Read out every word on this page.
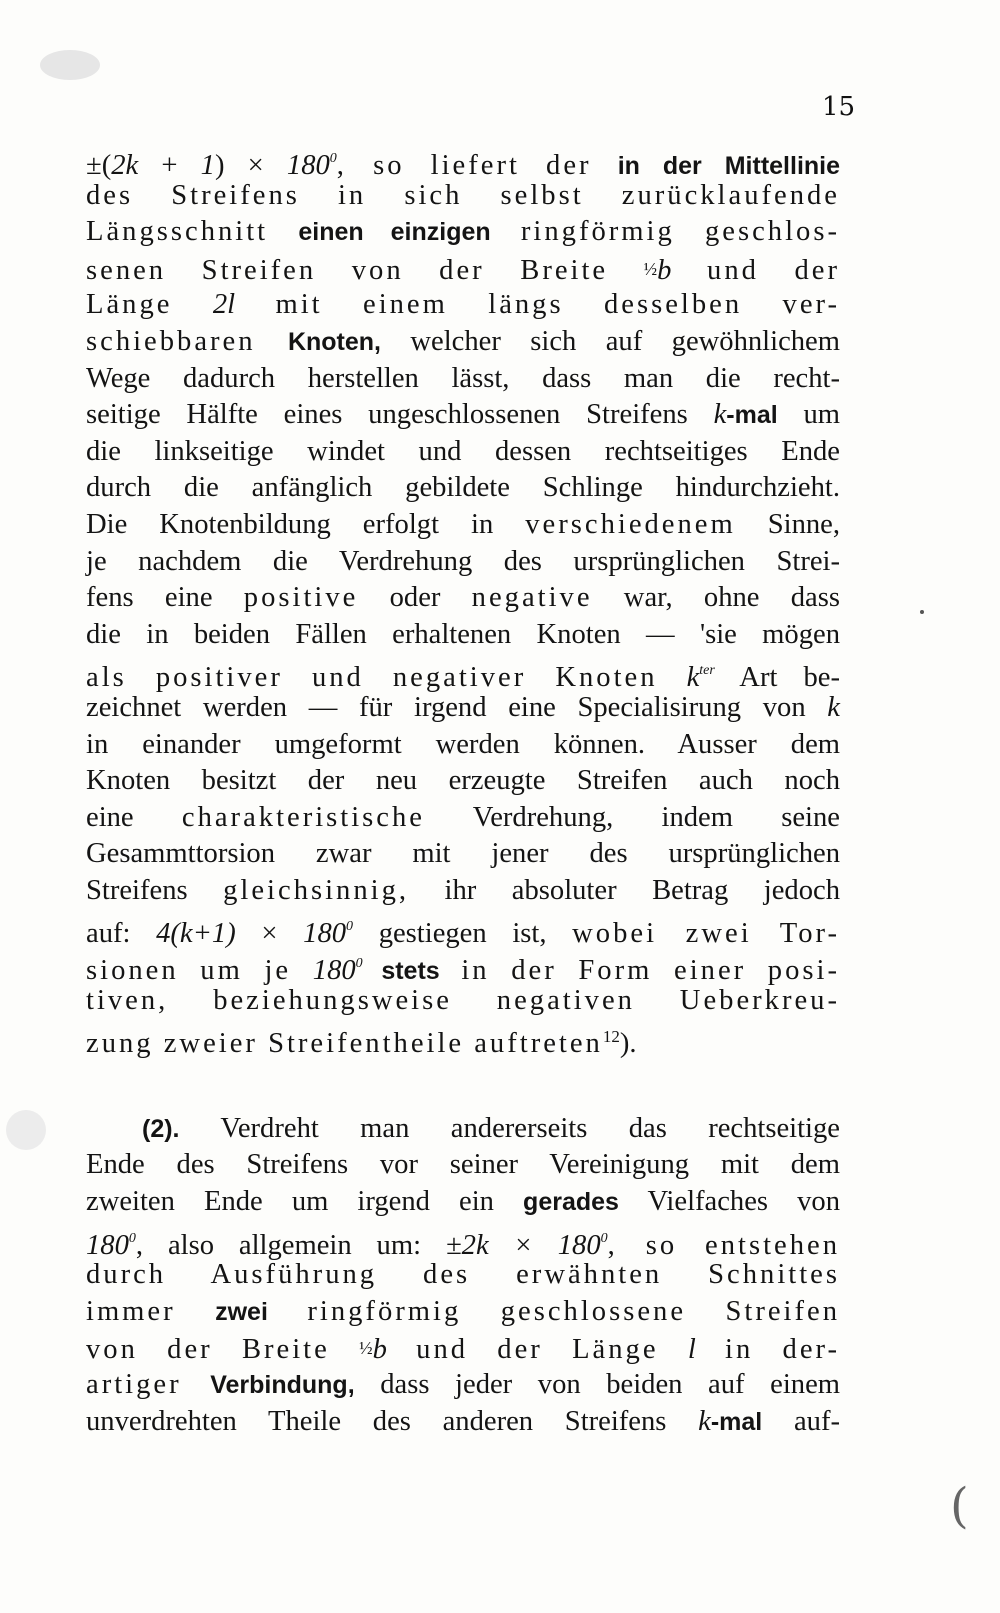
15
$\pm(2k + 1) \times 180^0$, so liefert der in der Mittellinie
des Streifens in sich selbst zurücklaufende
Längsschnitt einen einzigen ringförmig geschlos-
senen Streifen von der Breite ½b und der
Länge 2l mit einem längs desselben ver-
schiebbaren Knoten, welcher sich auf gewöhnlichem
Wege dadurch herstellen lässt, dass man die recht-
seitige Hälfte eines ungeschlossenen Streifens k-mal um
die linkseitige windet und dessen rechtseitiges Ende
durch die anfänglich gebildete Schlinge hindurchzieht.
Die Knotenbildung erfolgt in verschiedenem Sinne,
je nachdem die Verdrehung des ursprünglichen Strei-
fens eine positive oder negative war, ohne dass
die in beiden Fällen erhaltenen Knoten — 'sie mögen
als positiver und negativer Knoten $k^{ter}$ Art be-
zeichnet werden — für irgend eine Specialisirung von k
in einander umgeformt werden können. Ausser dem
Knoten besitzt der neu erzeugte Streifen auch noch
eine charakteristische Verdrehung, indem seine
Gesammttorsion zwar mit jener des ursprünglichen
Streifens gleichsinnig, ihr absoluter Betrag jedoch
auf: $4(k+1) \times 180^0$ gestiegen ist, wobei zwei Tor-
sionen um je $180^0$ stets in der Form einer posi-
tiven, beziehungsweise negativen Ueberkreu-
zung zweier Streifentheile auftreten$^{12}$).
(2). Verdreht man andererseits das rechtseitige
Ende des Streifens vor seiner Vereinigung mit dem
zweiten Ende um irgend ein gerades Vielfaches von
$180^0$, also allgemein um: $\pm 2k \times 180^0$, so entstehen
durch Ausführung des erwähnten Schnittes
immer zwei ringförmig geschlossene Streifen
von der Breite ½b und der Länge l in der-
artiger Verbindung, dass jeder von beiden auf einem
unverdrehten Theile des anderen Streifens k-mal auf-
(
